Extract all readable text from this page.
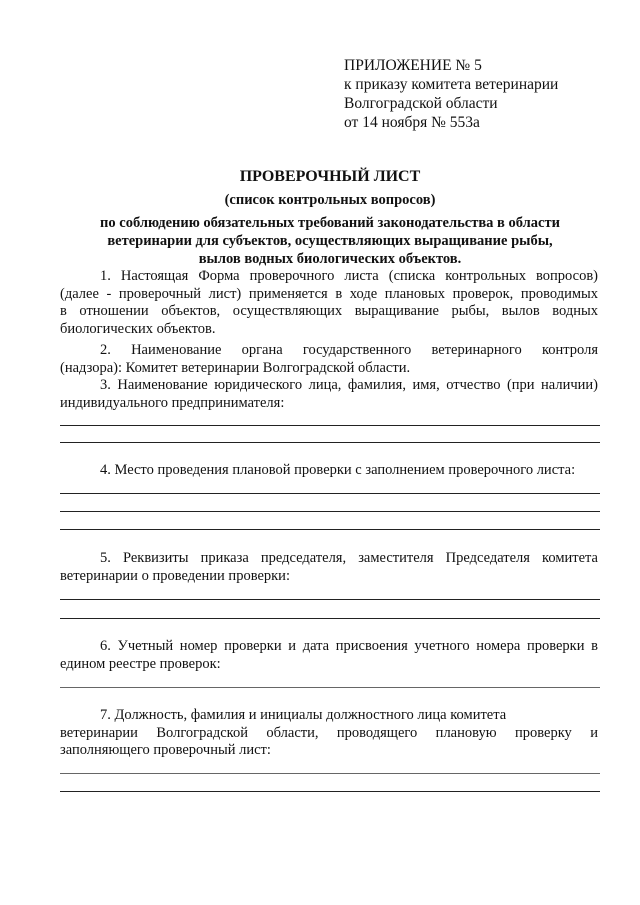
ПРИЛОЖЕНИЕ № 5
к приказу комитета ветеринарии
Волгоградской области
от 14 ноября № 553а
ПРОВЕРОЧНЫЙ ЛИСТ
(список контрольных вопросов)
по соблюдению обязательных требований законодательства в области
ветеринарии для субъектов, осуществляющих выращивание рыбы,
вылов водных биологических объектов.
1. Настоящая Форма проверочного листа (списка контрольных вопросов)
(далее - проверочный лист) применяется в ходе плановых проверок, проводимых
в отношении объектов, осуществляющих выращивание рыбы, вылов водных
биологических объектов.
2. Наименование органа государственного ветеринарного контроля
(надзора): Комитет ветеринарии Волгоградской области.
3. Наименование юридического лица, фамилия, имя, отчество (при наличии)
индивидуального предпринимателя:
4. Место проведения плановой проверки с заполнением проверочного листа:
5. Реквизиты приказа председателя, заместителя Председателя комитета
ветеринарии о проведении проверки:
6. Учетный номер проверки и дата присвоения учетного номера проверки в
едином реестре проверок:
7. Должность, фамилия и инициалы должностного лица комитета
ветеринарии Волгоградской области, проводящего плановую проверку и
заполняющего проверочный лист:
